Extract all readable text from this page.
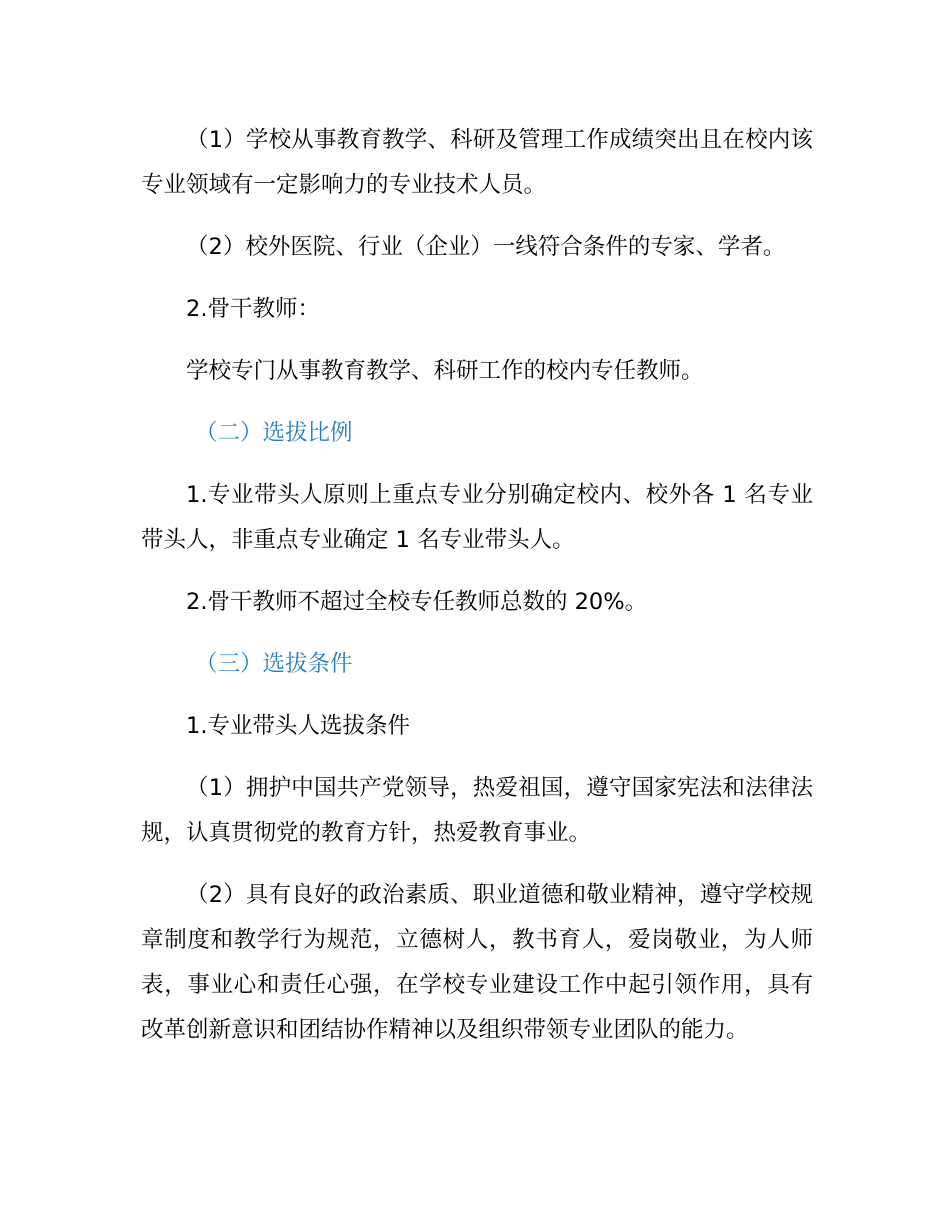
（1）学校从事教育教学、科研及管理工作成绩突出且在校内该专业领域有一定影响力的专业技术人员。

（2）校外医院、行业（企业）一线符合条件的专家、学者。

2.骨干教师：

学校专门从事教育教学、科研工作的校内专任教师。

（二）选拔比例

1.专业带头人原则上重点专业分别确定校内、校外各 1 名专业带头人，非重点专业确定 1 名专业带头人。

2.骨干教师不超过全校专任教师总数的 20%。

（三）选拔条件

1.专业带头人选拔条件

（1）拥护中国共产党领导，热爱祖国，遵守国家宪法和法律法规，认真贯彻党的教育方针，热爱教育事业。

（2）具有良好的政治素质、职业道德和敬业精神，遵守学校规章制度和教学行为规范，立德树人，教书育人，爱岗敬业，为人师表，事业心和责任心强，在学校专业建设工作中起引领作用，具有改革创新意识和团结协作精神以及组织带领专业团队的能力。
